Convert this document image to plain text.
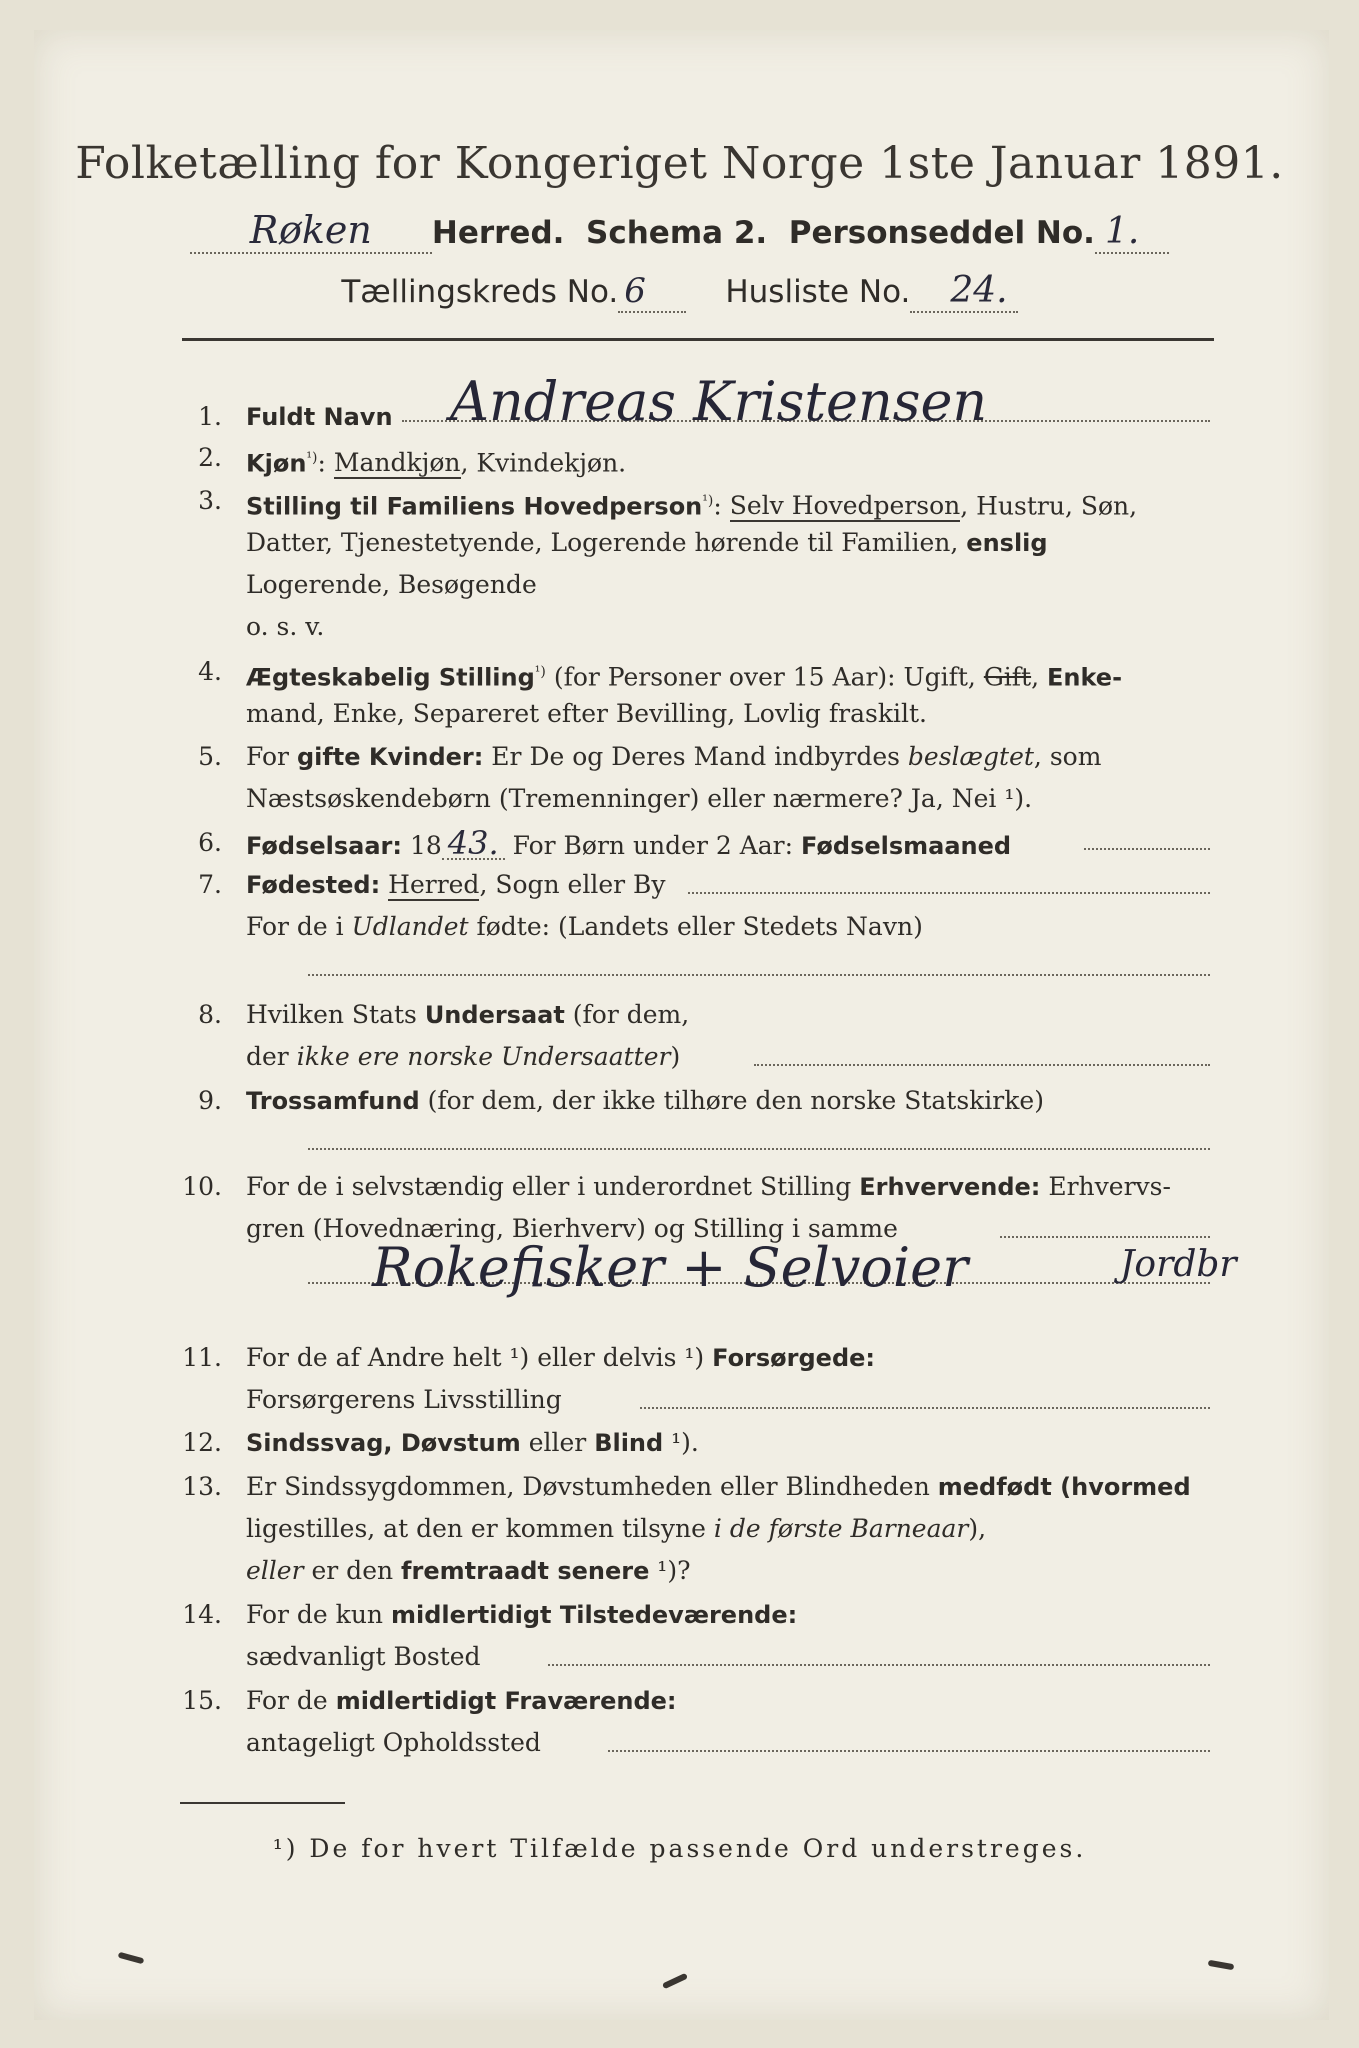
Folketælling for Kongeriget Norge 1ste Januar 1891.
Røken Herred. Schema 2. Personseddel No. 1.
Tællingskreds No. 6	Husliste No. 24.
1. Fuldt Navn	Andreas Kristensen
2. Kjøn$^{^1)}$: Mandkjøn, Kvindekjøn.
3. Stilling til Familiens Hovedperson$^{^1)}$: Selv Hovedperson, Hustru, Søn,
Datter, Tjenestetyende, Logerende hørende til Familien, enslig
Logerende, Besøgende
o. s. v.
4. Ægteskabelig Stilling$^{^1)}$ (for Personer over 15 Aar): Ugift, Gift, Enke-
mand, Enke, Separeret efter Bevilling, Lovlig fraskilt.
5. For gifte Kvinder: Er De og Deres Mand indbyrdes beslægtet, som
Næstsøskendebørn (Tremenninger) eller nærmere? Ja, Nei ¹).
6. Fødselsaar: 18 43. For Børn under 2 Aar: Fødselsmaaned
7. Fødested: Herred, Sogn eller By
For de i Udlandet fødte: (Landets eller Stedets Navn)
8. Hvilken Stats Undersaat (for dem,
der ikke ere norske Undersaatter)
9. Trossamfund (for dem, der ikke tilhøre den norske Statskirke)
10. For de i selvstændig eller i underordnet Stilling Erhvervende: Erhvervs-
gren (Hovednæring, Bierhverv) og Stilling i samme
Rokefisker + Selvoier	Jordbr
11. For de af Andre helt ¹) eller delvis ¹) Forsørgede:
Forsørgerens Livsstilling
12. Sindssvag, Døvstum eller Blind ¹).
13. Er Sindssygdommen, Døvstumheden eller Blindheden medfødt (hvormed
ligestilles, at den er kommen tilsyne i de første Barneaar),
eller er den fremtraadt senere ¹)?
14. For de kun midlertidigt Tilstedeværende:
sædvanligt Bosted
15. For de midlertidigt Fraværende:
antageligt Opholdssted
¹) De for hvert Tilfælde passende Ord understreges.
